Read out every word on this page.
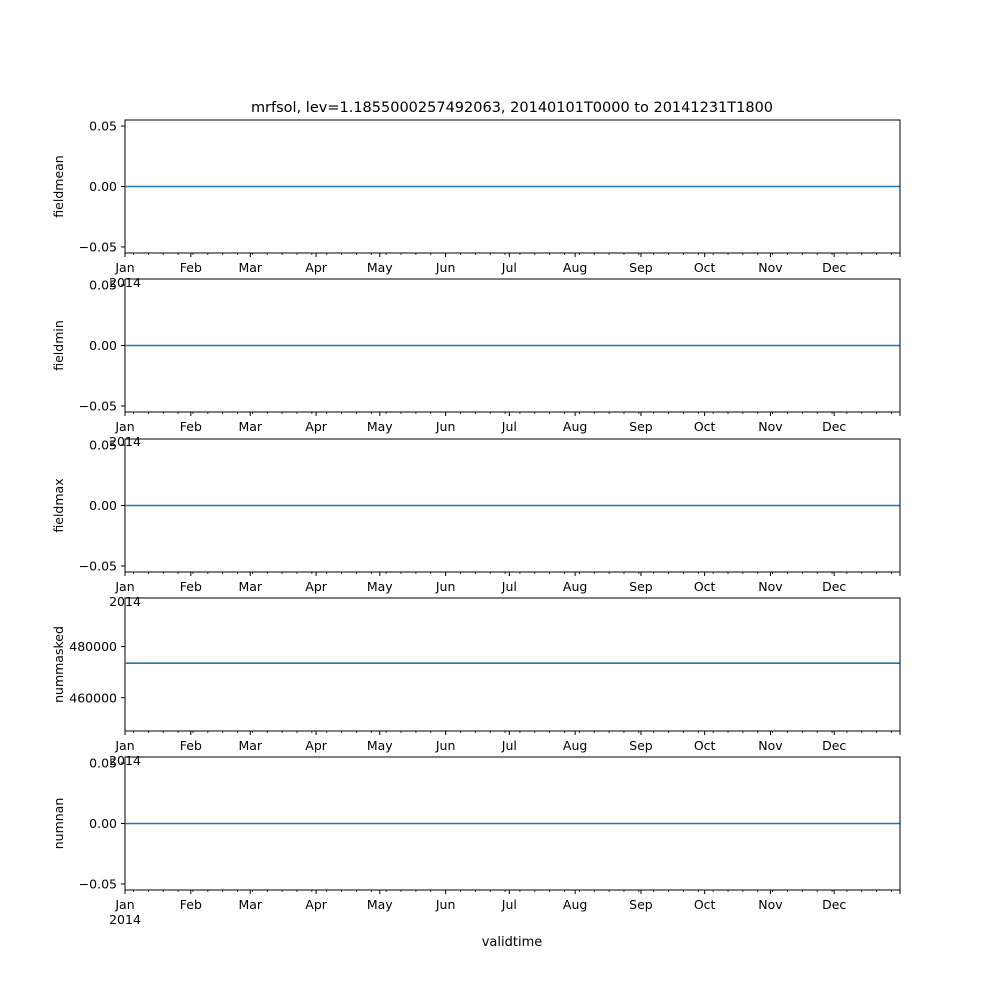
mrfsol, lev=1.1855000257492063, 20140101T0000 to 20141231T1800
validtime
−0.05
0.00
0.05
fieldmean
Jan	Feb	Mar	Apr	May	Jun	Jul	Aug	Sep	Oct	Nov	Dec
2014
−0.05
0.00
0.05
fieldmin
Jan	Feb	Mar	Apr	May	Jun	Jul	Aug	Sep	Oct	Nov	Dec
2014
−0.05
0.00
0.05
fieldmax
Jan	Feb	Mar	Apr	May	Jun	Jul	Aug	Sep	Oct	Nov	Dec
2014
460000
480000
nummasked
Jan	Feb	Mar	Apr	May	Jun	Jul	Aug	Sep	Oct	Nov	Dec
2014
−0.05
0.00
0.05
numnan
Jan	Feb	Mar	Apr	May	Jun	Jul	Aug	Sep	Oct	Nov	Dec
2014
